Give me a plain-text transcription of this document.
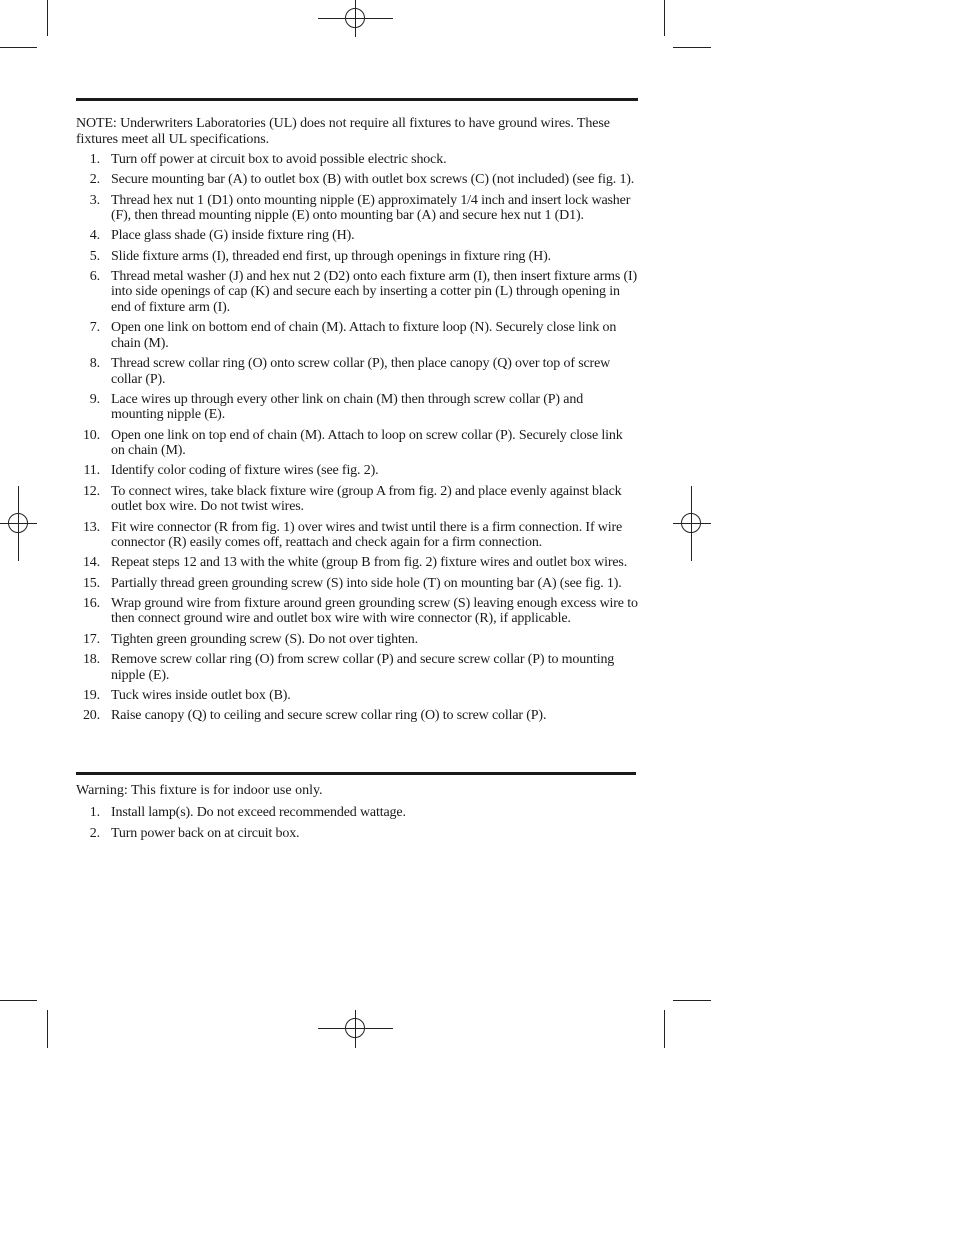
NOTE: Underwriters Laboratories (UL) does not require all fixtures to have ground wires. These fixtures meet all UL specifications.

1. Turn off power at circuit box to avoid possible electric shock.
2. Secure mounting bar (A) to outlet box (B) with outlet box screws (C) (not included) (see fig. 1).
3. Thread hex nut 1 (D1) onto mounting nipple (E) approximately 1/4 inch and insert lock washer (F), then thread mounting nipple (E) onto mounting bar (A) and secure hex nut 1 (D1).
4. Place glass shade (G) inside fixture ring (H).
5. Slide fixture arms (I), threaded end first, up through openings in fixture ring (H).
6. Thread metal washer (J) and hex nut 2 (D2) onto each fixture arm (I), then insert fixture arms (I) into side openings of cap (K) and secure each by inserting a cotter pin (L) through opening in end of fixture arm (I).
7. Open one link on bottom end of chain (M). Attach to fixture loop (N). Securely close link on chain (M).
8. Thread screw collar ring (O) onto screw collar (P), then place canopy (Q) over top of screw collar (P).
9. Lace wires up through every other link on chain (M) then through screw collar (P) and mounting nipple (E).
10. Open one link on top end of chain (M). Attach to loop on screw collar (P). Securely close link on chain (M).
11. Identify color coding of fixture wires (see fig. 2).
12. To connect wires, take black fixture wire (group A from fig. 2) and place evenly against black outlet box wire. Do not twist wires.
13. Fit wire connector (R from fig. 1) over wires and twist until there is a firm connection. If wire connector (R) easily comes off, reattach and check again for a firm connection.
14. Repeat steps 12 and 13 with the white (group B from fig. 2) fixture wires and outlet box wires.
15. Partially thread green grounding screw (S) into side hole (T) on mounting bar (A) (see fig. 1).
16. Wrap ground wire from fixture around green grounding screw (S) leaving enough excess wire to then connect ground wire and outlet box wire with wire connector (R), if applicable.
17. Tighten green grounding screw (S). Do not over tighten.
18. Remove screw collar ring (O) from screw collar (P) and secure screw collar (P) to mounting nipple (E).
19. Tuck wires inside outlet box (B).
20. Raise canopy (Q) to ceiling and secure screw collar ring (O) to screw collar (P).

Warning: This fixture is for indoor use only.

1. Install lamp(s). Do not exceed recommended wattage.
2. Turn power back on at circuit box.
